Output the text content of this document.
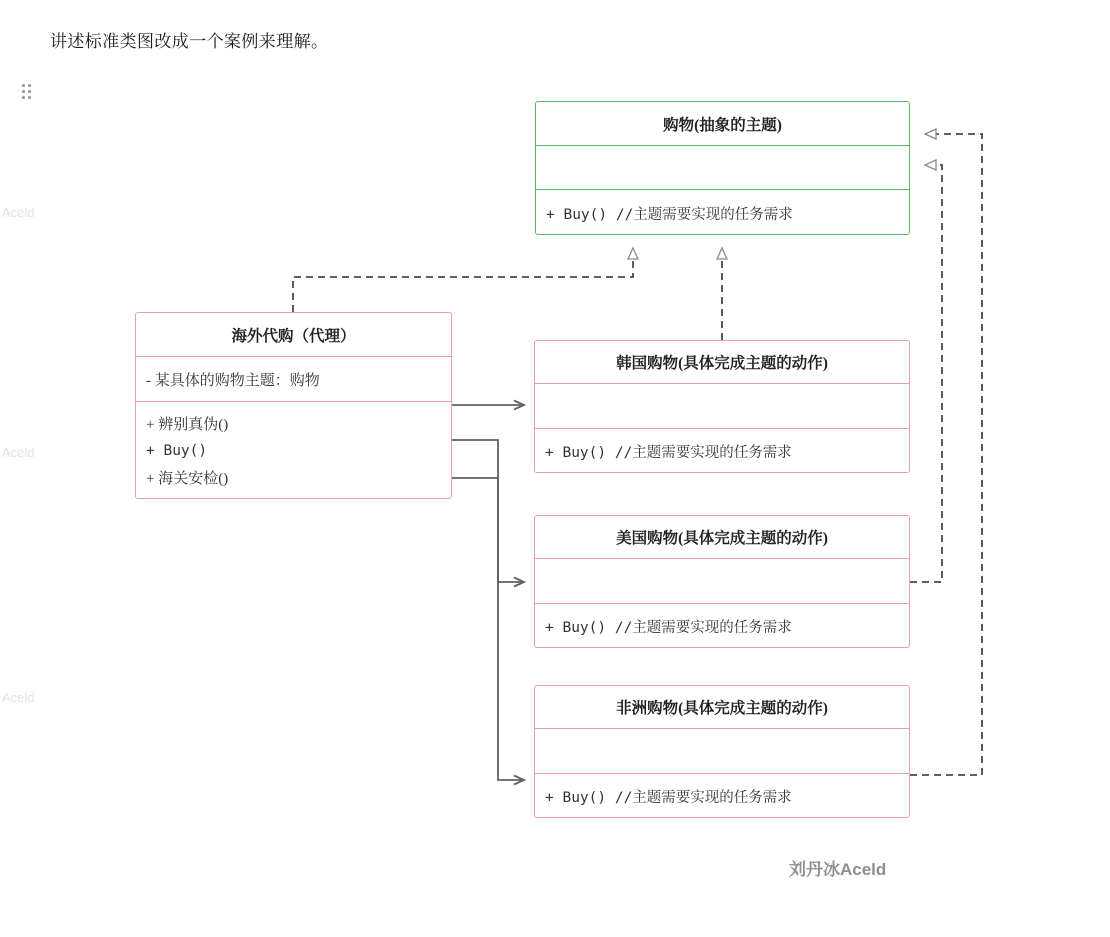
讲述标准类图改成一个案例来理解。
Aceld
Aceld
Aceld
购物(抽象的主题)
+ Buy() //主题需要实现的任务需求
海外代购（代理）
- 某具体的购物主题：购物
+ 辨别真伪()
+ Buy()
+ 海关安检()
韩国购物(具体完成主题的动作)
+ Buy() //主题需要实现的任务需求
美国购物(具体完成主题的动作)
+ Buy() //主题需要实现的任务需求
非洲购物(具体完成主题的动作)
+ Buy() //主题需要实现的任务需求
刘丹冰Aceld
